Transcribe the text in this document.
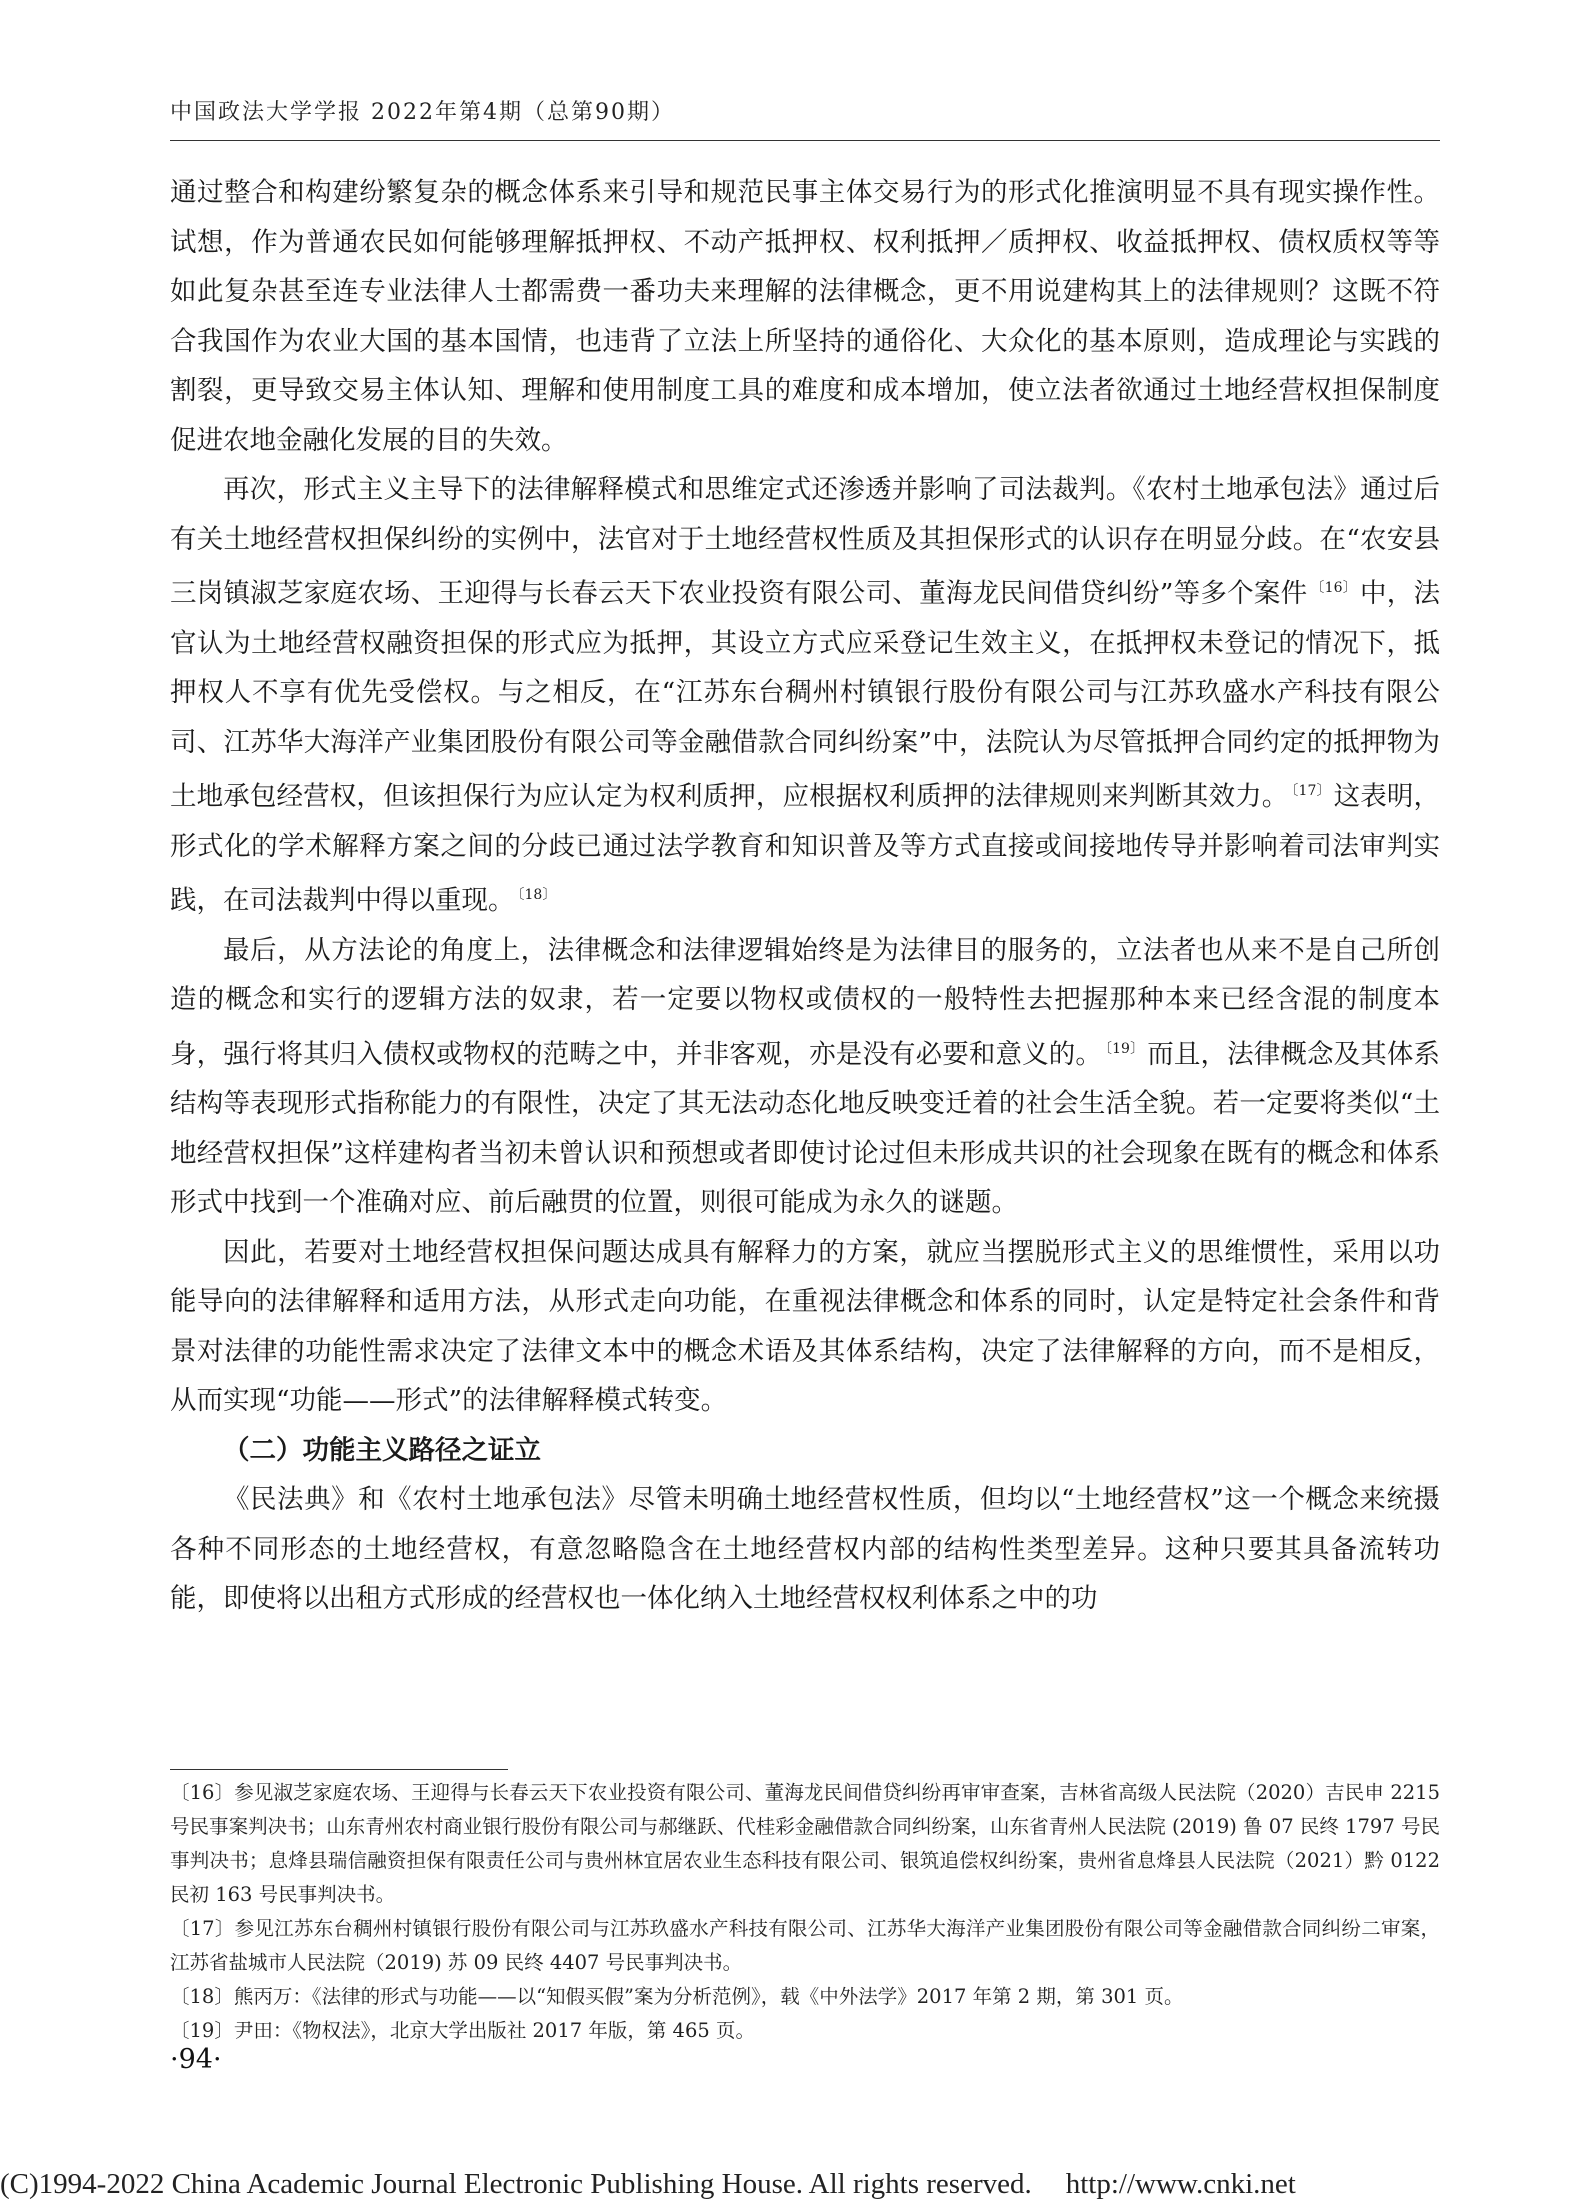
中国政法大学学报 2022年第4期（总第90期）

通过整合和构建纷繁复杂的概念体系来引导和规范民事主体交易行为的形式化推演明显不具有现实操作性。试想，作为普通农民如何能够理解抵押权、不动产抵押权、权利抵押／质押权、收益抵押权、债权质权等等如此复杂甚至连专业法律人士都需费一番功夫来理解的法律概念，更不用说建构其上的法律规则？这既不符合我国作为农业大国的基本国情，也违背了立法上所坚持的通俗化、大众化的基本原则，造成理论与实践的割裂，更导致交易主体认知、理解和使用制度工具的难度和成本增加，使立法者欲通过土地经营权担保制度促进农地金融化发展的目的失效。

再次，形式主义主导下的法律解释模式和思维定式还渗透并影响了司法裁判。《农村土地承包法》通过后有关土地经营权担保纠纷的实例中，法官对于土地经营权性质及其担保形式的认识存在明显分歧。在“农安县三岗镇淑芝家庭农场、王迎得与长春云天下农业投资有限公司、董海龙民间借贷纠纷”等多个案件 $^{〔16〕}$ 中，法官认为土地经营权融资担保的形式应为抵押，其设立方式应采登记生效主义，在抵押权未登记的情况下，抵押权人不享有优先受偿权。与之相反，在“江苏东台稠州村镇银行股份有限公司与江苏玖盛水产科技有限公司、江苏华大海洋产业集团股份有限公司等金融借款合同纠纷案”中，法院认为尽管抵押合同约定的抵押物为土地承包经营权，但该担保行为应认定为权利质押，应根据权利质押的法律规则来判断其效力。 $^{〔17〕}$ 这表明，形式化的学术解释方案之间的分歧已通过法学教育和知识普及等方式直接或间接地传导并影响着司法审判实践，在司法裁判中得以重现。 $^{〔18〕}$

最后，从方法论的角度上，法律概念和法律逻辑始终是为法律目的服务的，立法者也从来不是自己所创造的概念和实行的逻辑方法的奴隶，若一定要以物权或债权的一般特性去把握那种本来已经含混的制度本身，强行将其归入债权或物权的范畴之中，并非客观，亦是没有必要和意义的。 $^{〔19〕}$ 而且，法律概念及其体系结构等表现形式指称能力的有限性，决定了其无法动态化地反映变迁着的社会生活全貌。若一定要将类似“土地经营权担保”这样建构者当初未曾认识和预想或者即使讨论过但未形成共识的社会现象在既有的概念和体系形式中找到一个准确对应、前后融贯的位置，则很可能成为永久的谜题。

因此，若要对土地经营权担保问题达成具有解释力的方案，就应当摆脱形式主义的思维惯性，采用以功能导向的法律解释和适用方法，从形式走向功能，在重视法律概念和体系的同时，认定是特定社会条件和背景对法律的功能性需求决定了法律文本中的概念术语及其体系结构，决定了法律解释的方向，而不是相反，从而实现“功能——形式”的法律解释模式转变。

（二）功能主义路径之证立

《民法典》和《农村土地承包法》尽管未明确土地经营权性质，但均以“土地经营权”这一个概念来统摄各种不同形态的土地经营权，有意忽略隐含在土地经营权内部的结构性类型差异。这种只要其具备流转功能，即使将以出租方式形成的经营权也一体化纳入土地经营权权利体系之中的功

〔16〕参见淑芝家庭农场、王迎得与长春云天下农业投资有限公司、董海龙民间借贷纠纷再审审查案，吉林省高级人民法院（2020）吉民申 2215 号民事案判决书；山东青州农村商业银行股份有限公司与郝继跃、代桂彩金融借款合同纠纷案，山东省青州人民法院 (2019) 鲁 07 民终 1797 号民事判决书；息烽县瑞信融资担保有限责任公司与贵州林宜居农业生态科技有限公司、银筑追偿权纠纷案，贵州省息烽县人民法院（2021）黔 0122 民初 163 号民事判决书。

〔17〕参见江苏东台稠州村镇银行股份有限公司与江苏玖盛水产科技有限公司、江苏华大海洋产业集团股份有限公司等金融借款合同纠纷二审案，江苏省盐城市人民法院（2019) 苏 09 民终 4407 号民事判决书。

〔18〕熊丙万：《法律的形式与功能——以“知假买假”案为分析范例》，载《中外法学》2017 年第 2 期，第 301 页。

〔19〕尹田：《物权法》，北京大学出版社 2017 年版，第 465 页。

·94·
(C)1994-2022 China Academic Journal Electronic Publishing House. All rights reserved. http://www.cnki.net
